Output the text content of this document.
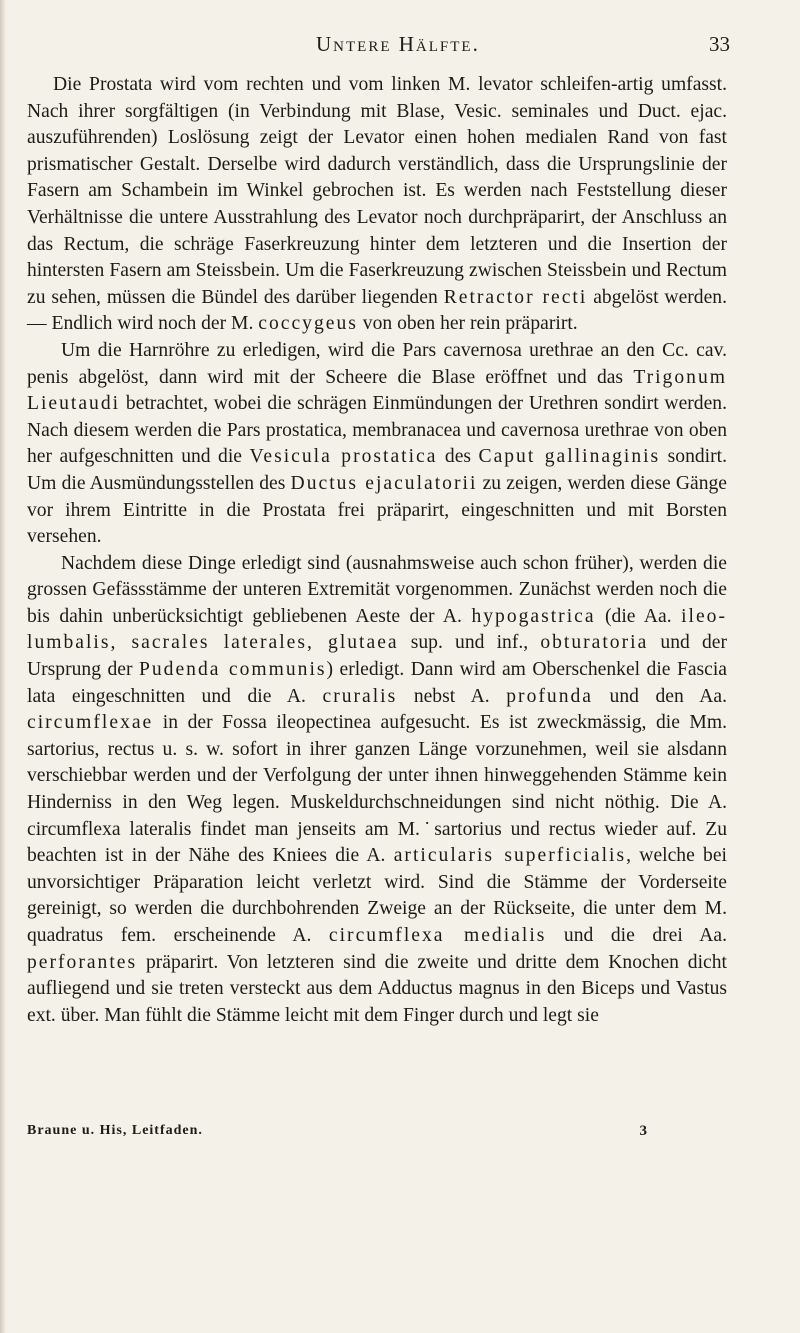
Untere Hälfte.	33

Die Prostata wird vom rechten und vom linken M. levator schleifen-artig umfasst. Nach ihrer sorgfältigen (in Verbindung mit Blase, Vesic. seminales und Duct. ejac. auszuführenden) Loslösung zeigt der Levator einen hohen medialen Rand von fast prismatischer Gestalt. Derselbe wird dadurch verständlich, dass die Ursprungslinie der Fasern am Schambein im Winkel gebrochen ist. Es werden nach Feststellung dieser Verhältnisse die untere Ausstrahlung des Levator noch durchpräparirt, der Anschluss an das Rectum, die schräge Faserkreuzung hinter dem letzteren und die Insertion der hintersten Fasern am Steissbein. Um die Faserkreuzung zwischen Steissbein und Rectum zu sehen, müssen die Bündel des darüber liegenden Retractor recti abgelöst werden. — Endlich wird noch der M. coccygeus von oben her rein präparirt.

Um die Harnröhre zu erledigen, wird die Pars cavernosa urethrae an den Cc. cav. penis abgelöst, dann wird mit der Scheere die Blase eröffnet und das Trigonum Lieutaudi betrachtet, wobei die schrägen Einmündungen der Urethren sondirt werden. Nach diesem werden die Pars prostatica, membranacea und cavernosa urethrae von oben her aufgeschnitten und die Vesicula prostatica des Caput gallinaginis sondirt. Um die Ausmündungsstellen des Ductus ejaculatorii zu zeigen, werden diese Gänge vor ihrem Eintritte in die Prostata frei präparirt, eingeschnitten und mit Borsten versehen.

Nachdem diese Dinge erledigt sind (ausnahmsweise auch schon früher), werden die grossen Gefässstämme der unteren Extremität vorgenommen. Zunächst werden noch die bis dahin unberücksichtigt gebliebenen Aeste der A. hypogastrica (die Aa. ileo-lumbalis, sacrales laterales, glutaea sup. und inf., obturatoria und der Ursprung der Pudenda communis) erledigt. Dann wird am Oberschenkel die Fascia lata eingeschnitten und die A. cruralis nebst A. profunda und den Aa. circumflexae in der Fossa ileopectinea aufgesucht. Es ist zweckmässig, die Mm. sartorius, rectus u. s. w. sofort in ihrer ganzen Länge vorzunehmen, weil sie alsdann verschiebbar werden und der Verfolgung der unter ihnen hinweggehenden Stämme kein Hinderniss in den Weg legen. Muskeldurchschneidungen sind nicht nöthig. Die A. circumflexa lateralis findet man jenseits am M.˙sartorius und rectus wieder auf. Zu beachten ist in der Nähe des Kniees die A. articularis superficialis, welche bei unvorsichtiger Präparation leicht verletzt wird. Sind die Stämme der Vorderseite gereinigt, so werden die durchbohrenden Zweige an der Rückseite, die unter dem M. quadratus fem. erscheinende A. circumflexa medialis und die drei Aa. perforantes präparirt. Von letzteren sind die zweite und dritte dem Knochen dicht aufliegend und sie treten versteckt aus dem Adductus magnus in den Biceps und Vastus ext. über. Man fühlt die Stämme leicht mit dem Finger durch und legt sie

Braune u. His, Leitfaden.	3
